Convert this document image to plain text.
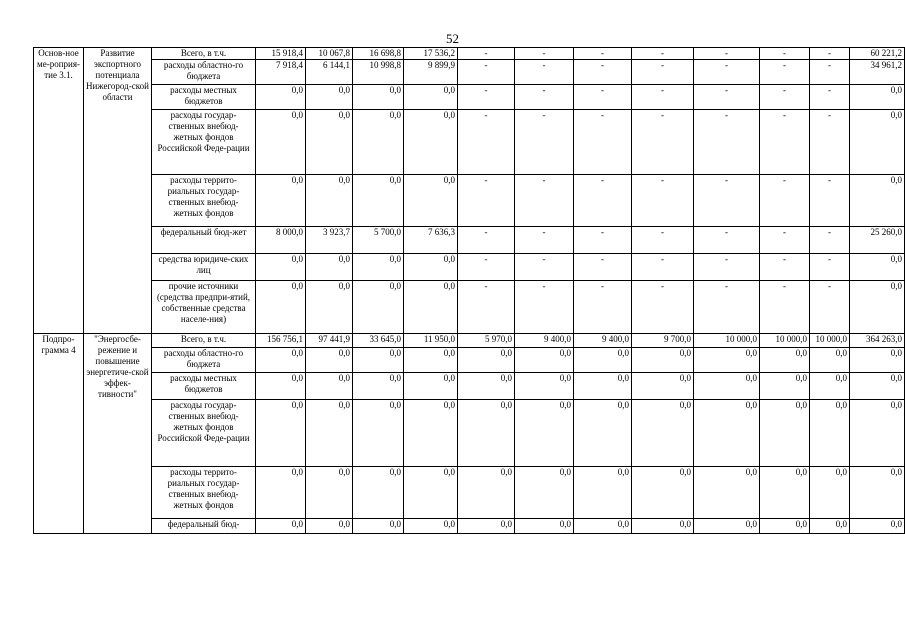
52
Основ-ное ме-роприя-тие 3.1.	Развитие экспортного потенциала Нижегород-ской области	Всего, в т.ч.	15 918,4	10 067,8	16 698,8	17 536,2	-	-	-	-	-	-	-	60 221,2
		расходы областно-го бюджета	7 918,4	6 144,1	10 998,8	9 899,9	-	-	-	-	-	-	-	34 961,2
		расходы местных бюджетов	0,0	0,0	0,0	0,0	-	-	-	-	-	-	-	0,0
		расходы государ-ственных внебюд-жетных фондов Российской Феде-рации	0,0	0,0	0,0	0,0	-	-	-	-	-	-	-	0,0
		расходы террито-риальных государ-ственных внебюд-жетных фондов	0,0	0,0	0,0	0,0	-	-	-	-	-	-	-	0,0
		федеральный бюд-жет	8 000,0	3 923,7	5 700,0	7 636,3	-	-	-	-	-	-	-	25 260,0
		средства юридиче-ских лиц	0,0	0,0	0,0	0,0	-	-	-	-	-	-	-	0,0
		прочие источники (средства предпри-ятий, собственные средства населе-ния)	0,0	0,0	0,0	0,0	-	-	-	-	-	-	-	0,0
Подпро-грамма 4	"Энергосбе-режение и повышение энергетиче-ской эффек-тивности"	Всего, в т.ч.	156 756,1	97 441,9	33 645,0	11 950,0	5 970,0	9 400,0	9 400,0	9 700,0	10 000,0	10 000,0	10 000,0	364 263,0
		расходы областно-го бюджета	0,0	0,0	0,0	0,0	0,0	0,0	0,0	0,0	0,0	0,0	0,0	0,0
		расходы местных бюджетов	0,0	0,0	0,0	0,0	0,0	0,0	0,0	0,0	0,0	0,0	0,0	0,0
		расходы государ-ственных внебюд-жетных фондов Российской Феде-рации	0,0	0,0	0,0	0,0	0,0	0,0	0,0	0,0	0,0	0,0	0,0	0,0
		расходы террито-риальных государ-ственных внебюд-жетных фондов	0,0	0,0	0,0	0,0	0,0	0,0	0,0	0,0	0,0	0,0	0,0	0,0
		федеральный бюд-	0,0	0,0	0,0	0,0	0,0	0,0	0,0	0,0	0,0	0,0	0,0	0,0
